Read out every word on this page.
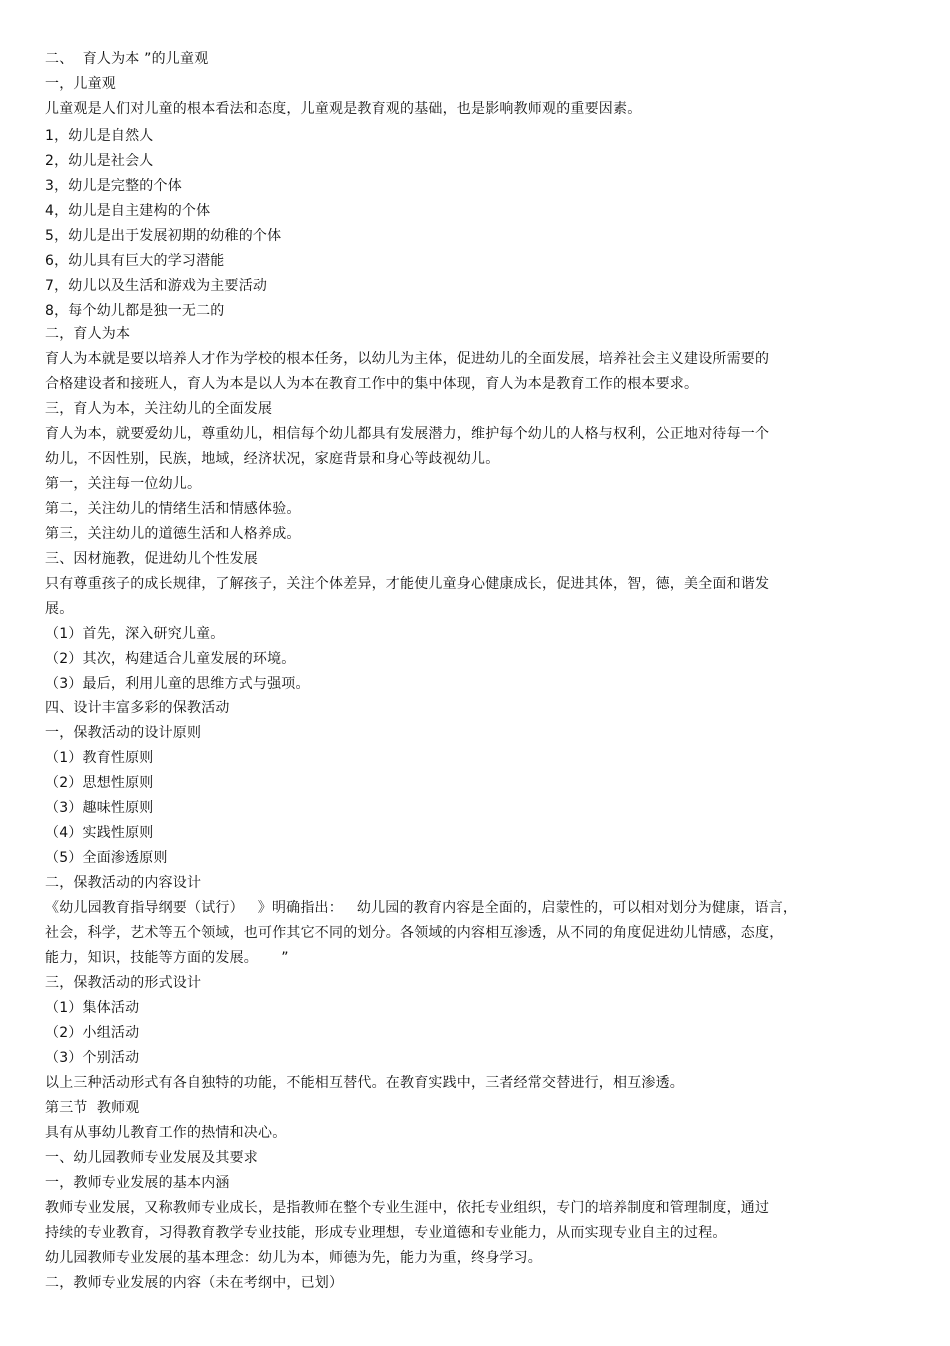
二、  育人为本 ”的儿童观
一，儿童观
儿童观是人们对儿童的根本看法和态度，儿童观是教育观的基础，也是影响教师观的重要因素。
1，幼儿是自然人
2，幼儿是社会人
3，幼儿是完整的个体
4，幼儿是自主建构的个体
5，幼儿是出于发展初期的幼稚的个体
6，幼儿具有巨大的学习潜能
7，幼儿以及生活和游戏为主要活动
8，每个幼儿都是独一无二的
二，育人为本
育人为本就是要以培养人才作为学校的根本任务，以幼儿为主体，促进幼儿的全面发展，培养社会主义建设所需要的
合格建设者和接班人，育人为本是以人为本在教育工作中的集中体现，育人为本是教育工作的根本要求。
三，育人为本，关注幼儿的全面发展
育人为本，就要爱幼儿，尊重幼儿，相信每个幼儿都具有发展潜力，维护每个幼儿的人格与权利，公正地对待每一个
幼儿，不因性别，民族，地域，经济状况，家庭背景和身心等歧视幼儿。
第一，关注每一位幼儿。
第二，关注幼儿的情绪生活和情感体验。
第三，关注幼儿的道德生活和人格养成。
三、因材施教，促进幼儿个性发展
只有尊重孩子的成长规律，了解孩子，关注个体差异，才能使儿童身心健康成长，促进其体，智，德，美全面和谐发
展。
（1）首先，深入研究儿童。
（2）其次，构建适合儿童发展的环境。
（3）最后，利用儿童的思维方式与强项。
四、设计丰富多彩的保教活动
一，保教活动的设计原则
（1）教育性原则
（2）思想性原则
（3）趣味性原则
（4）实践性原则
（5）全面渗透原则
二，保教活动的内容设计
《幼儿园教育指导纲要（试行）   》明确指出：   幼儿园的教育内容是全面的，启蒙性的，可以相对划分为健康，语言，
社会，科学，艺术等五个领域，也可作其它不同的划分。各领域的内容相互渗透，从不同的角度促进幼儿情感，态度，
能力，知识，技能等方面的发展。     ”
三，保教活动的形式设计
（1）集体活动
（2）小组活动
（3）个别活动
以上三种活动形式有各自独特的功能，不能相互替代。在教育实践中，三者经常交替进行，相互渗透。
第三节  教师观
具有从事幼儿教育工作的热情和决心。
一、幼儿园教师专业发展及其要求
一，教师专业发展的基本内涵
教师专业发展，又称教师专业成长，是指教师在整个专业生涯中，依托专业组织，专门的培养制度和管理制度，通过
持续的专业教育，习得教育教学专业技能，形成专业理想，专业道德和专业能力，从而实现专业自主的过程。
幼儿园教师专业发展的基本理念：幼儿为本，师德为先，能力为重，终身学习。
二，教师专业发展的内容（未在考纲中，已划）
